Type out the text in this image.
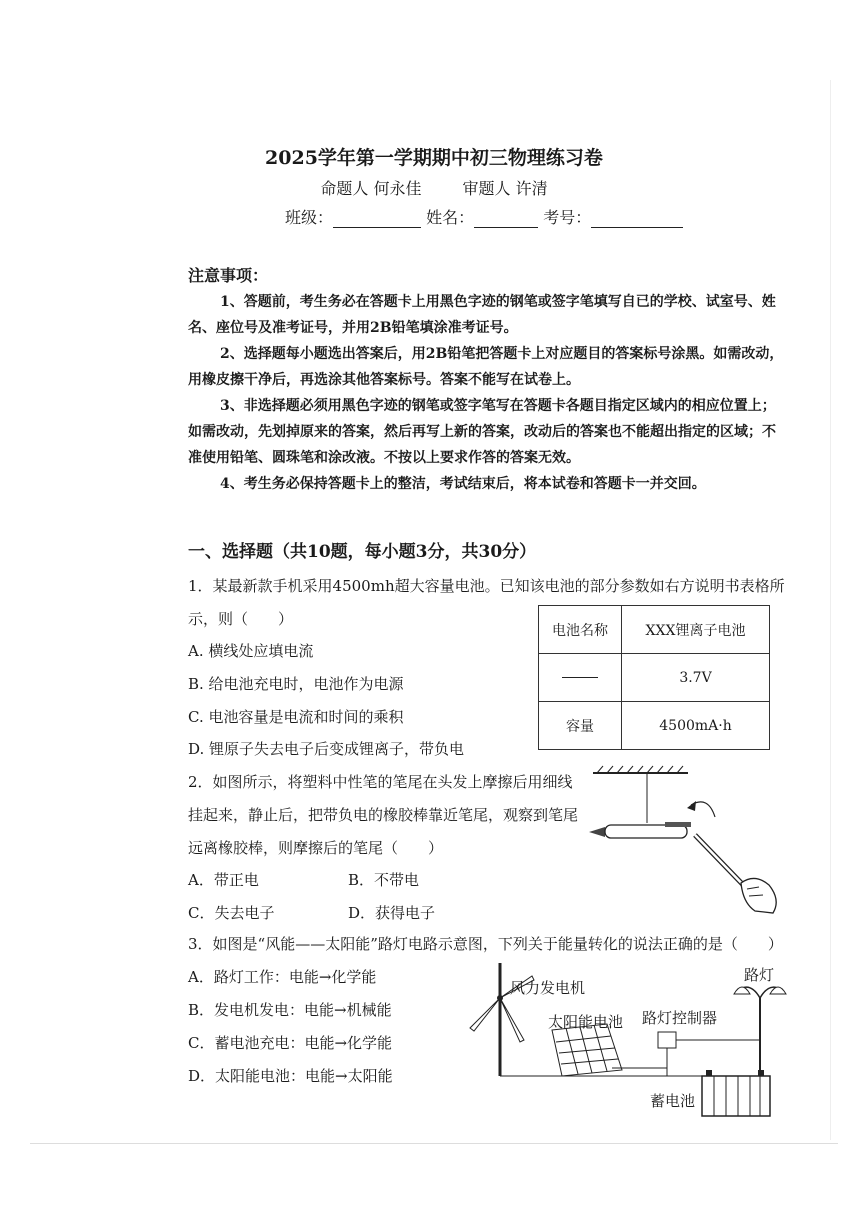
2025学年第一学期期中初三物理练习卷
命题人 何永佳	审题人 许清
班级：	姓名：	考号：
注意事项：

1、答题前，考生务必在答题卡上用黑色字迹的钢笔或签字笔填写自已的学校、试室号、姓名、座位号及准考证号，并用2B铅笔填涂准考证号。

2、选择题每小题选出答案后，用2B铅笔把答题卡上对应题目的答案标号涂黑。如需改动，用橡皮擦干净后，再选涂其他答案标号。答案不能写在试卷上。

3、非选择题必须用黑色字迹的钢笔或签字笔写在答题卡各题目指定区域内的相应位置上；如需改动，先划掉原来的答案，然后再写上新的答案，改动后的答案也不能超出指定的区域；不准使用铅笔、圆珠笔和涂改液。不按以上要求作答的答案无效。

4、考生务必保持答题卡上的整洁，考试结束后，将本试卷和答题卡一并交回。

一、选择题（共10题，每小题3分，共30分）
1．某最新款手机采用4500mh超大容量电池。已知该电池的部分参数如右方说明书表格所
示，则（　　）
A. 横线处应填电流
B. 给电池充电时，电池作为电源
C. 电池容量是电流和时间的乘积
D. 锂原子失去电子后变成锂离子，带负电
电池名称	XXX锂离子电池
	3.7V
容量	4500mA·h
2．如图所示，将塑料中性笔的笔尾在头发上摩擦后用细线
挂起来，静止后，把带负电的橡胶棒靠近笔尾，观察到笔尾
远离橡胶棒，则摩擦后的笔尾（　　）
A．带正电	B．不带电
C．失去电子	D．获得电子
3．如图是“风能——太阳能”路灯电路示意图，下列关于能量转化的说法正确的是（　　）
A．路灯工作：电能→化学能
B．发电机发电：电能→机械能
C．蓄电池充电：电能→化学能
D．太阳能电池：电能→太阳能
风力发电机
太阳能电池 路灯控制器
路灯
蓄电池
